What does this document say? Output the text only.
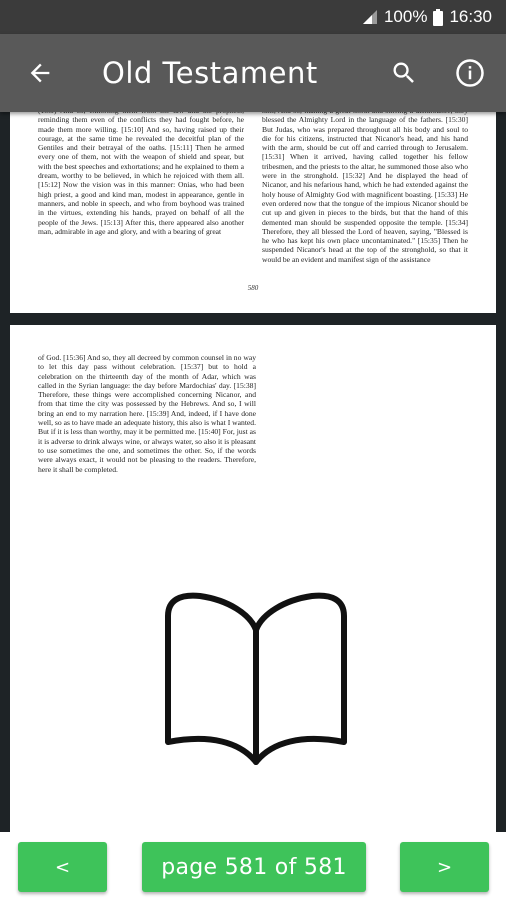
100% 16:30
Old Testament
reminding them even of the conflicts they had fought before, he made them more willing. [15:10] And so, having raised up their courage, at the same time he revealed the deceitful plan of the Gentiles and their betrayal of the oaths. [15:11] Then he armed every one of them, not with the weapon of shield and spear, but with the best speeches and exhortations; and he explained to them a dream, worthy to be believed, in which he rejoiced with them all. [15:12] Now the vision was in this manner: Onias, who had been high priest, a good and kind man, modest in appearance, gentle in manners, and noble in speech, and who from boyhood was trained in the virtues, extending his hands, prayed on behalf of all the people of the Jews. [15:13] After this, there appeared also another man, admirable in age and glory, and with a bearing of great
blessed the Almighty Lord in the language of the fathers. [15:30] But Judas, who was prepared throughout all his body and soul to die for his citizens, instructed that Nicanor's head, and his hand with the arm, should be cut off and carried through to Jerusalem. [15:31] When it arrived, having called together his fellow tribesmen, and the priests to the altar, he summoned those also who were in the stronghold. [15:32] And he displayed the head of Nicanor, and his nefarious hand, which he had extended against the holy house of Almighty God with magnificent boasting. [15:33] He even ordered now that the tongue of the impious Nicanor should be cut up and given in pieces to the birds, but that the hand of this demented man should be suspended opposite the temple. [15:34] Therefore, they all blessed the Lord of heaven, saying, "Blessed is he who has kept his own place uncontaminated." [15:35] Then he suspended Nicanor's head at the top of the stronghold, so that it would be an evident and manifest sign of the assistance
580
of God. [15:36] And so, they all decreed by common counsel in no way to let this day pass without celebration. [15:37] but to hold a celebration on the thirteenth day of the month of Adar, which was called in the Syrian language: the day before Mardochias' day. [15:38] Therefore, these things were accomplished concerning Nicanor, and from that time the city was possessed by the Hebrews. And so, I will bring an end to my narration here. [15:39] And, indeed, if I have done well, so as to have made an adequate history, this also is what I wanted. But if it is less than worthy, may it be permitted me. [15:40] For, just as it is adverse to drink always wine, or always water, so also it is pleasant to use sometimes the one, and sometimes the other. So, if the words were always exact, it would not be pleasing to the readers. Therefore, here it shall be completed.
<	page 581 of 581	>
